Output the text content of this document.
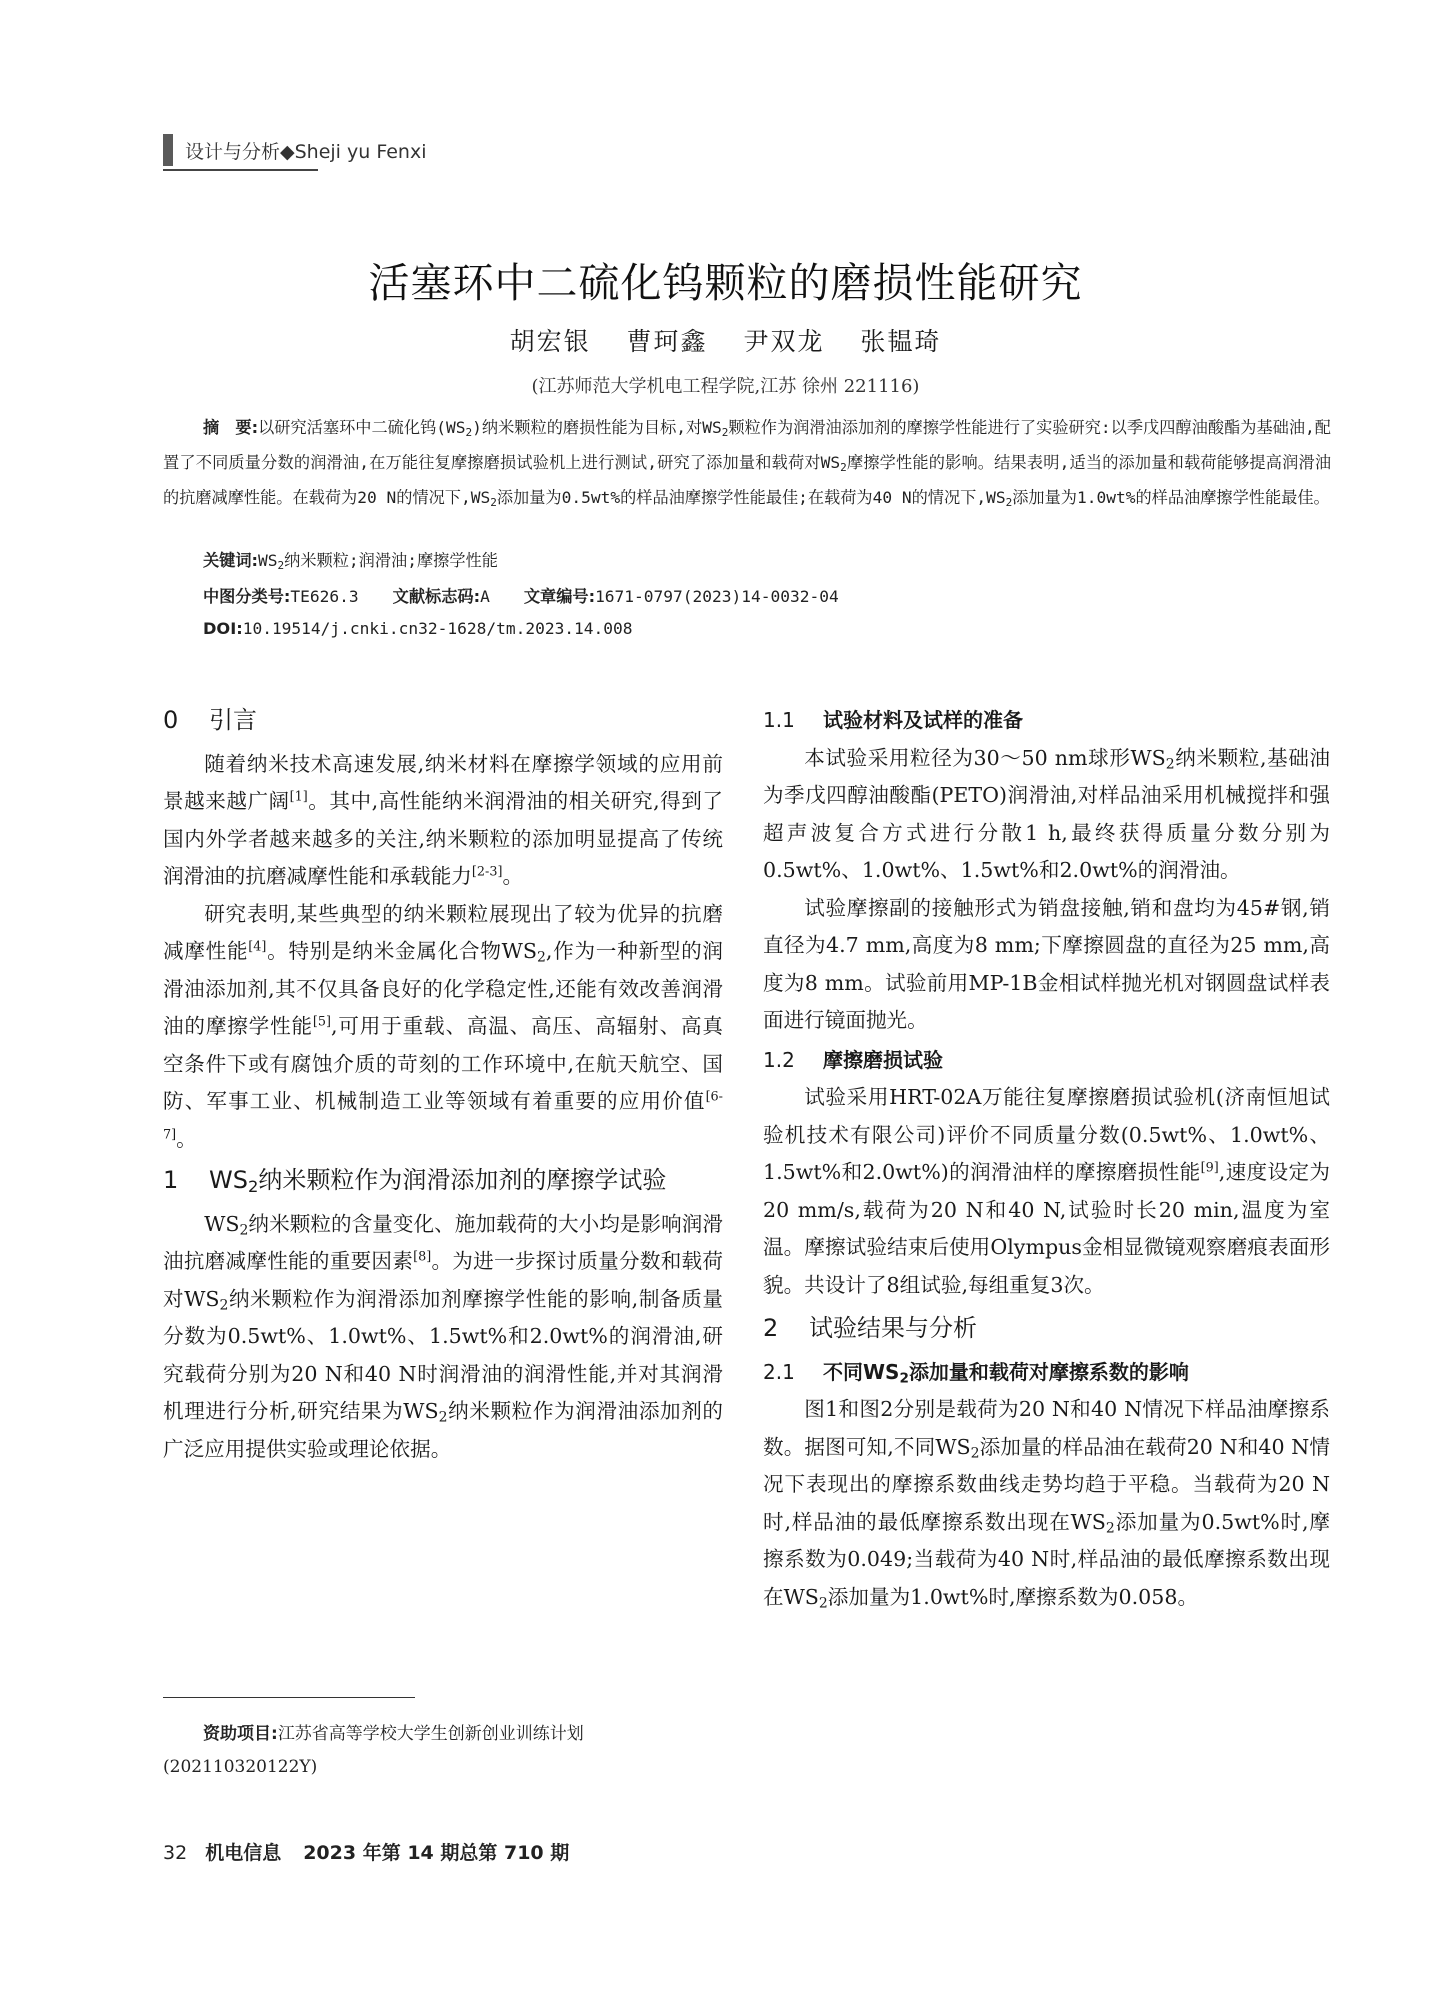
设计与分析◆Sheji yu Fenxi
活塞环中二硫化钨颗粒的磨损性能研究
胡宏银 曹珂鑫 尹双龙 张韫琦
(江苏师范大学机电工程学院,江苏 徐州 221116)

摘　要:以研究活塞环中二硫化钨$(WS_2)$纳米颗粒的磨损性能为目标,对$WS_2$颗粒作为润滑油添加剂的摩擦学性能进行了实验研究:以季戊四醇油酸酯为基础油,配置了不同质量分数的润滑油,在万能往复摩擦磨损试验机上进行测试,研究了添加量和载荷对$WS_2$摩擦学性能的影响。结果表明,适当的添加量和载荷能够提高润滑油的抗磨减摩性能。在载荷为20 N的情况下$,WS_2$添加量为0.5wt%的样品油摩擦学性能最佳;在载荷为40 N的情况下$,WS_2$添加量为1.0wt%的样品油摩擦学性能最佳。

关键词$:WS_2$纳米颗粒;润滑油;摩擦学性能
中图分类号:TE626.3 文献标志码:A 文章编号:1671-0797(2023)14-0032-04
DOI:10.19514/j.cnki.cn32-1628/tm.2023.14.008
0 引言

随着纳米技术高速发展,纳米材料在摩擦学领域的应用前景越来越广阔[1]。其中,高性能纳米润滑油的相关研究,得到了国内外学者越来越多的关注,纳米颗粒的添加明显提高了传统润滑油的抗磨减摩性能和承载能力[2-3]。

研究表明,某些典型的纳米颗粒展现出了较为优异的抗磨减摩性能[4]。特别是纳米金属化合物$WS_2$,作为一种新型的润滑油添加剂,其不仅具备良好的化学稳定性,还能有效改善润滑油的摩擦学性能[5],可用于重载、高温、高压、高辐射、高真空条件下或有腐蚀介质的苛刻的工作环境中,在航天航空、国防、军事工业、机械制造工业等领域有着重要的应用价值[6-7]。

1 $WS_2$纳米颗粒作为润滑添加剂的摩擦学试验

$WS_2$纳米颗粒的含量变化、施加载荷的大小均是影响润滑油抗磨减摩性能的重要因素[8]。为进一步探讨质量分数和载荷对$WS_2$纳米颗粒作为润滑添加剂摩擦学性能的影响,制备质量分数为0.5wt%、1.0wt%、1.5wt%和2.0wt%的润滑油,研究载荷分别为20 N和40 N时润滑油的润滑性能,并对其润滑机理进行分析,研究结果为$WS_2$纳米颗粒作为润滑油添加剂的广泛应用提供实验或理论依据。

1.1 试验材料及试样的准备

本试验采用粒径为30～50 nm球形$WS_2$纳米颗粒,基础油为季戊四醇油酸酯(PETO)润滑油,对样品油采用机械搅拌和强超声波复合方式进行分散1 h,最终获得质量分数分别为0.5wt%、1.0wt%、1.5wt%和2.0wt%的润滑油。

试验摩擦副的接触形式为销盘接触,销和盘均为45#钢,销直径为4.7 mm,高度为8 mm;下摩擦圆盘的直径为25 mm,高度为8 mm。试验前用MP-1B金相试样抛光机对钢圆盘试样表面进行镜面抛光。

1.2 摩擦磨损试验

试验采用HRT-02A万能往复摩擦磨损试验机(济南恒旭试验机技术有限公司)评价不同质量分数(0.5wt%、1.0wt%、1.5wt%和2.0wt%)的润滑油样的摩擦磨损性能[9],速度设定为20 mm/s,载荷为20 N和40 N,试验时长20 min,温度为室温。摩擦试验结束后使用Olympus金相显微镜观察磨痕表面形貌。共设计了8组试验,每组重复3次。

2 试验结果与分析
2.1 不同$WS_2$添加量和载荷对摩擦系数的影响

图1和图2分别是载荷为20 N和40 N情况下样品油摩擦系数。据图可知,不同$WS_2$添加量的样品油在载荷20 N和40 N情况下表现出的摩擦系数曲线走势均趋于平稳。当载荷为20 N时,样品油的最低摩擦系数出现在$WS_2$添加量为0.5wt%时,摩擦系数为0.049;当载荷为40 N时,样品油的最低摩擦系数出现在$WS_2$添加量为1.0wt%时,摩擦系数为0.058。

资助项目:江苏省高等学校大学生创新创业训练计划(202110320122Y)

32 机电信息 2023 年第 14 期总第 710 期
